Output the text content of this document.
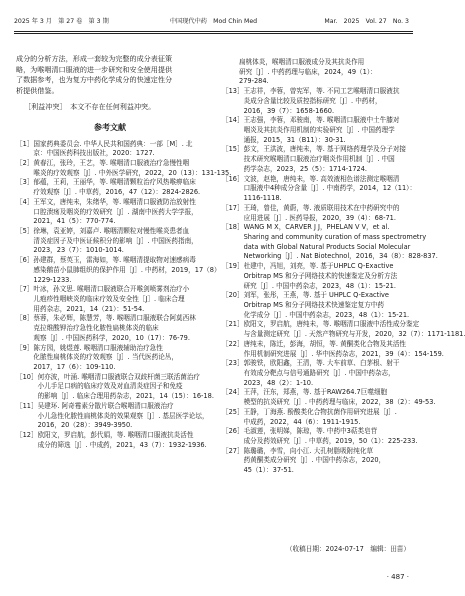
2025 年 3 月　第 27 卷　第 3 期	中国现代中药　Mod Chin Med	Mar.　2025　Vol. 27　No. 3
成分的分析方法，形成一套较为完整的成分表征策
略，为喉咽清口服液的进一步研究和安全使用提供
了数据参考，也为复方中药化学成分的快速定性分
析提供借鉴。
［利益冲突］　本文不存在任何利益冲突。
参考文献
［1］ 国家药典委员会. 中华人民共和国药典：一部［M］. 北
京：中国医药科技出版社，2020：1727.
［2］ 黄春江，张玲，王艺，等. 喉咽清口服液治疗急慢性咽
喉炎的疗效观察［J］. 中外医学研究，2022，20（13）：131-135.
［3］ 郁蕴，王莉，王丽华，等. 喉咽清颗粒治疗风热喉痹临床
疗效观察［J］. 中草药，2016，47（12）：2824-2826.
［4］ 王军文，唐纯未，朱绪华，等. 喉咽清口服液防治放射性
口腔溃疡及咽炎的疗效研究［J］. 湖南中医药大学学报，
2021，41（5）：770-774.
［5］ 徐琳，袁亚婷，刘嘉卢. 喉咽清颗粒对慢性喉炎患者血
清炎症因子及中医证候积分的影响［J］. 中国医药指南，
2023，23（7）：1010-1014.
［6］ 孙建群，蔡英玉，雷海如，等. 喉咽清提取物对速感病毒
感染鹅苗小鼠肺组织的保护作用［J］. 中药材，2019，17（8）
1229-1233.
［7］ 叶冰，孙文思. 喉咽清口服液联合开喉剑喷雾剂治疗小
儿疱疹性咽峡炎的临床疗效及安全性［J］. 临床合理
用药杂志，2021，14（21）：51-54.
［8］ 蔡蓉，朱必辉，陈慧芳，等. 喉咽清口服液联合阿莫西林
克拉维酸钾治疗急性化脓性扁桃体炎的临床
观察［J］. 中国医药科学，2020，10（17）：76-79.
［9］ 陈方园，姚煜莲. 喉咽清口服液辅助治疗急性
化脓性扁桃体炎的疗效观察［J］. 当代医药论丛，
2017，17（6）：109-110.
［10］ 何亦波，叶涌. 喉咽清口服液联合双歧杆菌三联活菌治疗
小儿手足口病的临床疗效及对血清炎症因子和免疫
的影响［J］. 临床合理用药杂志，2021，14（15）：16-18.
［11］ 吴建环. 阿奇霉素分散片联合喉咽清口服液治疗
小儿急性化脓性扁桃体炎的效果观察［J］. 基层医学论坛，
2016，20（28）：3949-3950.
［12］ 欧阳文，罗启航，彭代娟，等. 喉咽清口服液抗炎活性
成分的筛选［J］. 中成药，2021，43（7）：1932-1936.
扁桃体炎，喉咽清口服液成分及其抗炎作用
研究［J］. 中药药理与临床，2024，49（1）：
279-284.
［13］ 王志祥，李蓉，曾宪军，等. 不同工艺喉咽清口服液抗
炎成分含量比较及质控指标研究［J］. 中药材，
2016，39（7）：1658-1660.
［14］ 王志强，李蓉，邓骏南，等. 喉咽清口服液中土牛膝对
咽炎及其抗炎作用机制的实验研究［J］. 中国药理学
通报，2015，31（B11）：30-31.
［15］ 彭文，王洪波，唐纯未，等. 基于网络药理学及分子对接
技术研究喉咽清口服液治疗咽炎作用机制［J］. 中国
药学杂志，2023，25（5）：1714-1724.
［16］ 文波，赵艳，唐纯未，等. 高效液相色谱法测定喉咽清
口服液中4种成分含量［J］. 中南药学，2014，12（11）：
1116-1118.
［17］ 王琦，曾佳，黄蔚，等. 液质联用技术在中药研究中的
应用进展［J］. 医药导报，2020，39（4）：68-71.
［18］ WANG M X，CARVER J J，PHELAN V V，et al.
Sharing and community curation of mass spectrometry
data with Global Natural Products Social Molecular
Networking［J］. Nat Biotechnol，2016，34（8）：828-837.
［19］ 杜建中，冯旭，刘亮，等. 基于UHPLC Q-Exactive
Orbitrap MS 和分子网络技术的快速鉴定及分析方法
研究［J］. 中国中药杂志，2023，48（1）：15-21.
［20］ 刘军，张彤，王燕，等. 基于 UHPLC Q-Exactive
Orbitrap MS 和分子网络技术快速鉴定复方中药
化学成分［J］. 中国中药杂志，2023，48（1）：15-21.
［21］ 欧阳文，罗启航，唐纯未，等. 喉咽清口服液中活性成分鉴定
与含量测定研究［J］. 天然产物研究与开发，2020，32（7）：1171-1181.
［22］ 唐纯未，陈迁，彭海，胡恒，等. 黄酮类化合物及其活性
作用机制研究进展［J］. 华中医药杂志，2021，39（4）：154-159.
［23］ 郭骏铁，欧阳鑫，王清，等. 大车前草、白茅根、射干
有效成分靶点与信号通路研究［J］. 中国中药杂志，
2023，48（2）：1-10.
［24］ 王萍，汪东，郑燕，等. 基于RAW264.7巨噬细胞
模型的抗炎研究［J］. 中药药理与临床，2022，38（2）：49-53.
［25］ 王静，丁海燕. 酚酸类化合物抗菌作用研究进展［J］.
中成药，2022，44（6）：1911-1915.
［26］ 毛淑莲，张明娣，陈琼，等. 中药中3萜类皂苷
成分及药效研究［J］. 中草药，2019，50（1）：225-233.
［27］ 陈璐璐，李雪，向小江. 大孔树脂吸附纯化草
药黄酮类成分研究［J］. 中国中药杂志，2020，
45（1）：37-51.
（收稿日期：2024-07-17　编辑：田苗）
· 487 ·
